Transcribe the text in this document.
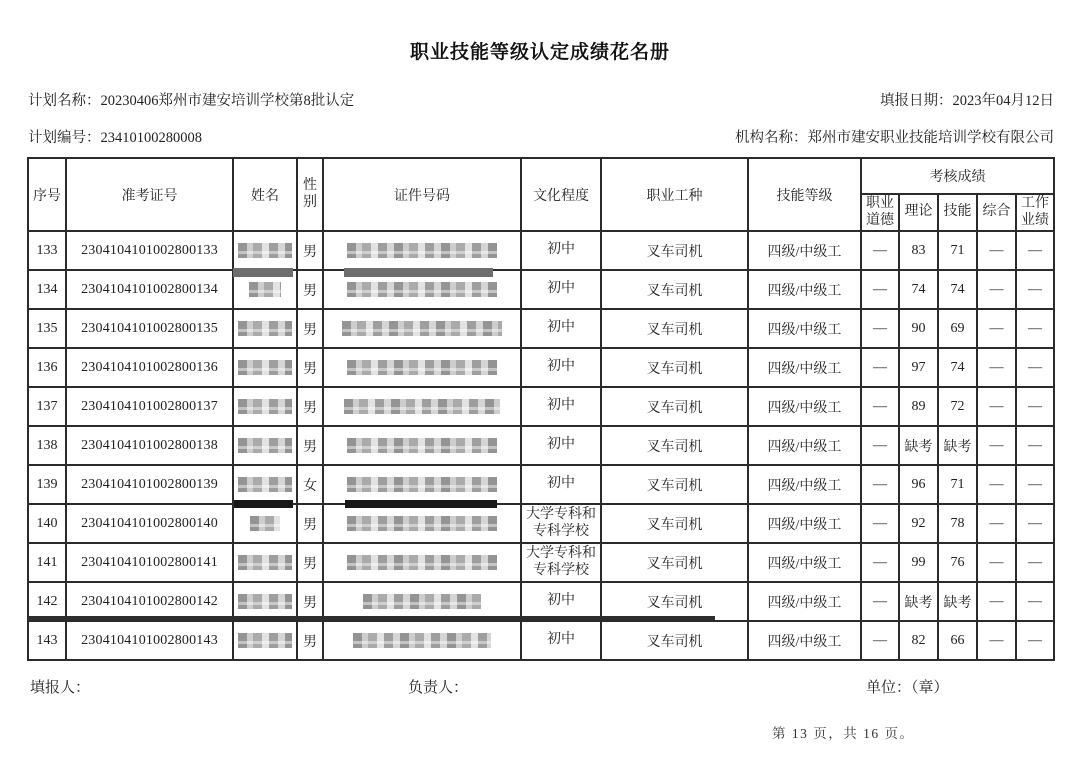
职业技能等级认定成绩花名册
计划名称：20230406郑州市建安培训学校第8批认定	填报日期：2023年04月12日
计划编号：23410100280008	机构名称：郑州市建安职业技能培训学校有限公司
序号	准考证号	姓名	性别	证件号码	文化程度	职业工种	技能等级	考核成绩				
								职业道德	理论	技能	综合	工作业绩
133	2304104101002800133		男		初中	叉车司机	四级/中级工	—	83	71	—	—
134	2304104101002800134		男		初中	叉车司机	四级/中级工	—	74	74	—	—
135	2304104101002800135		男		初中	叉车司机	四级/中级工	—	90	69	—	—
136	2304104101002800136		男		初中	叉车司机	四级/中级工	—	97	74	—	—
137	2304104101002800137		男		初中	叉车司机	四级/中级工	—	89	72	—	—
138	2304104101002800138		男		初中	叉车司机	四级/中级工	—	缺考	缺考	—	—
139	2304104101002800139		女		初中	叉车司机	四级/中级工	—	96	71	—	—
140	2304104101002800140		男		大学专科和专科学校	叉车司机	四级/中级工	—	92	78	—	—
141	2304104101002800141		男		大学专科和专科学校	叉车司机	四级/中级工	—	99	76	—	—
142	2304104101002800142		男		初中	叉车司机	四级/中级工	—	缺考	缺考	—	—
143	2304104101002800143		男		初中	叉车司机	四级/中级工	—	82	66	—	—
填报人：	负责人：	单位：（章）
第 13 页，共 16 页。
